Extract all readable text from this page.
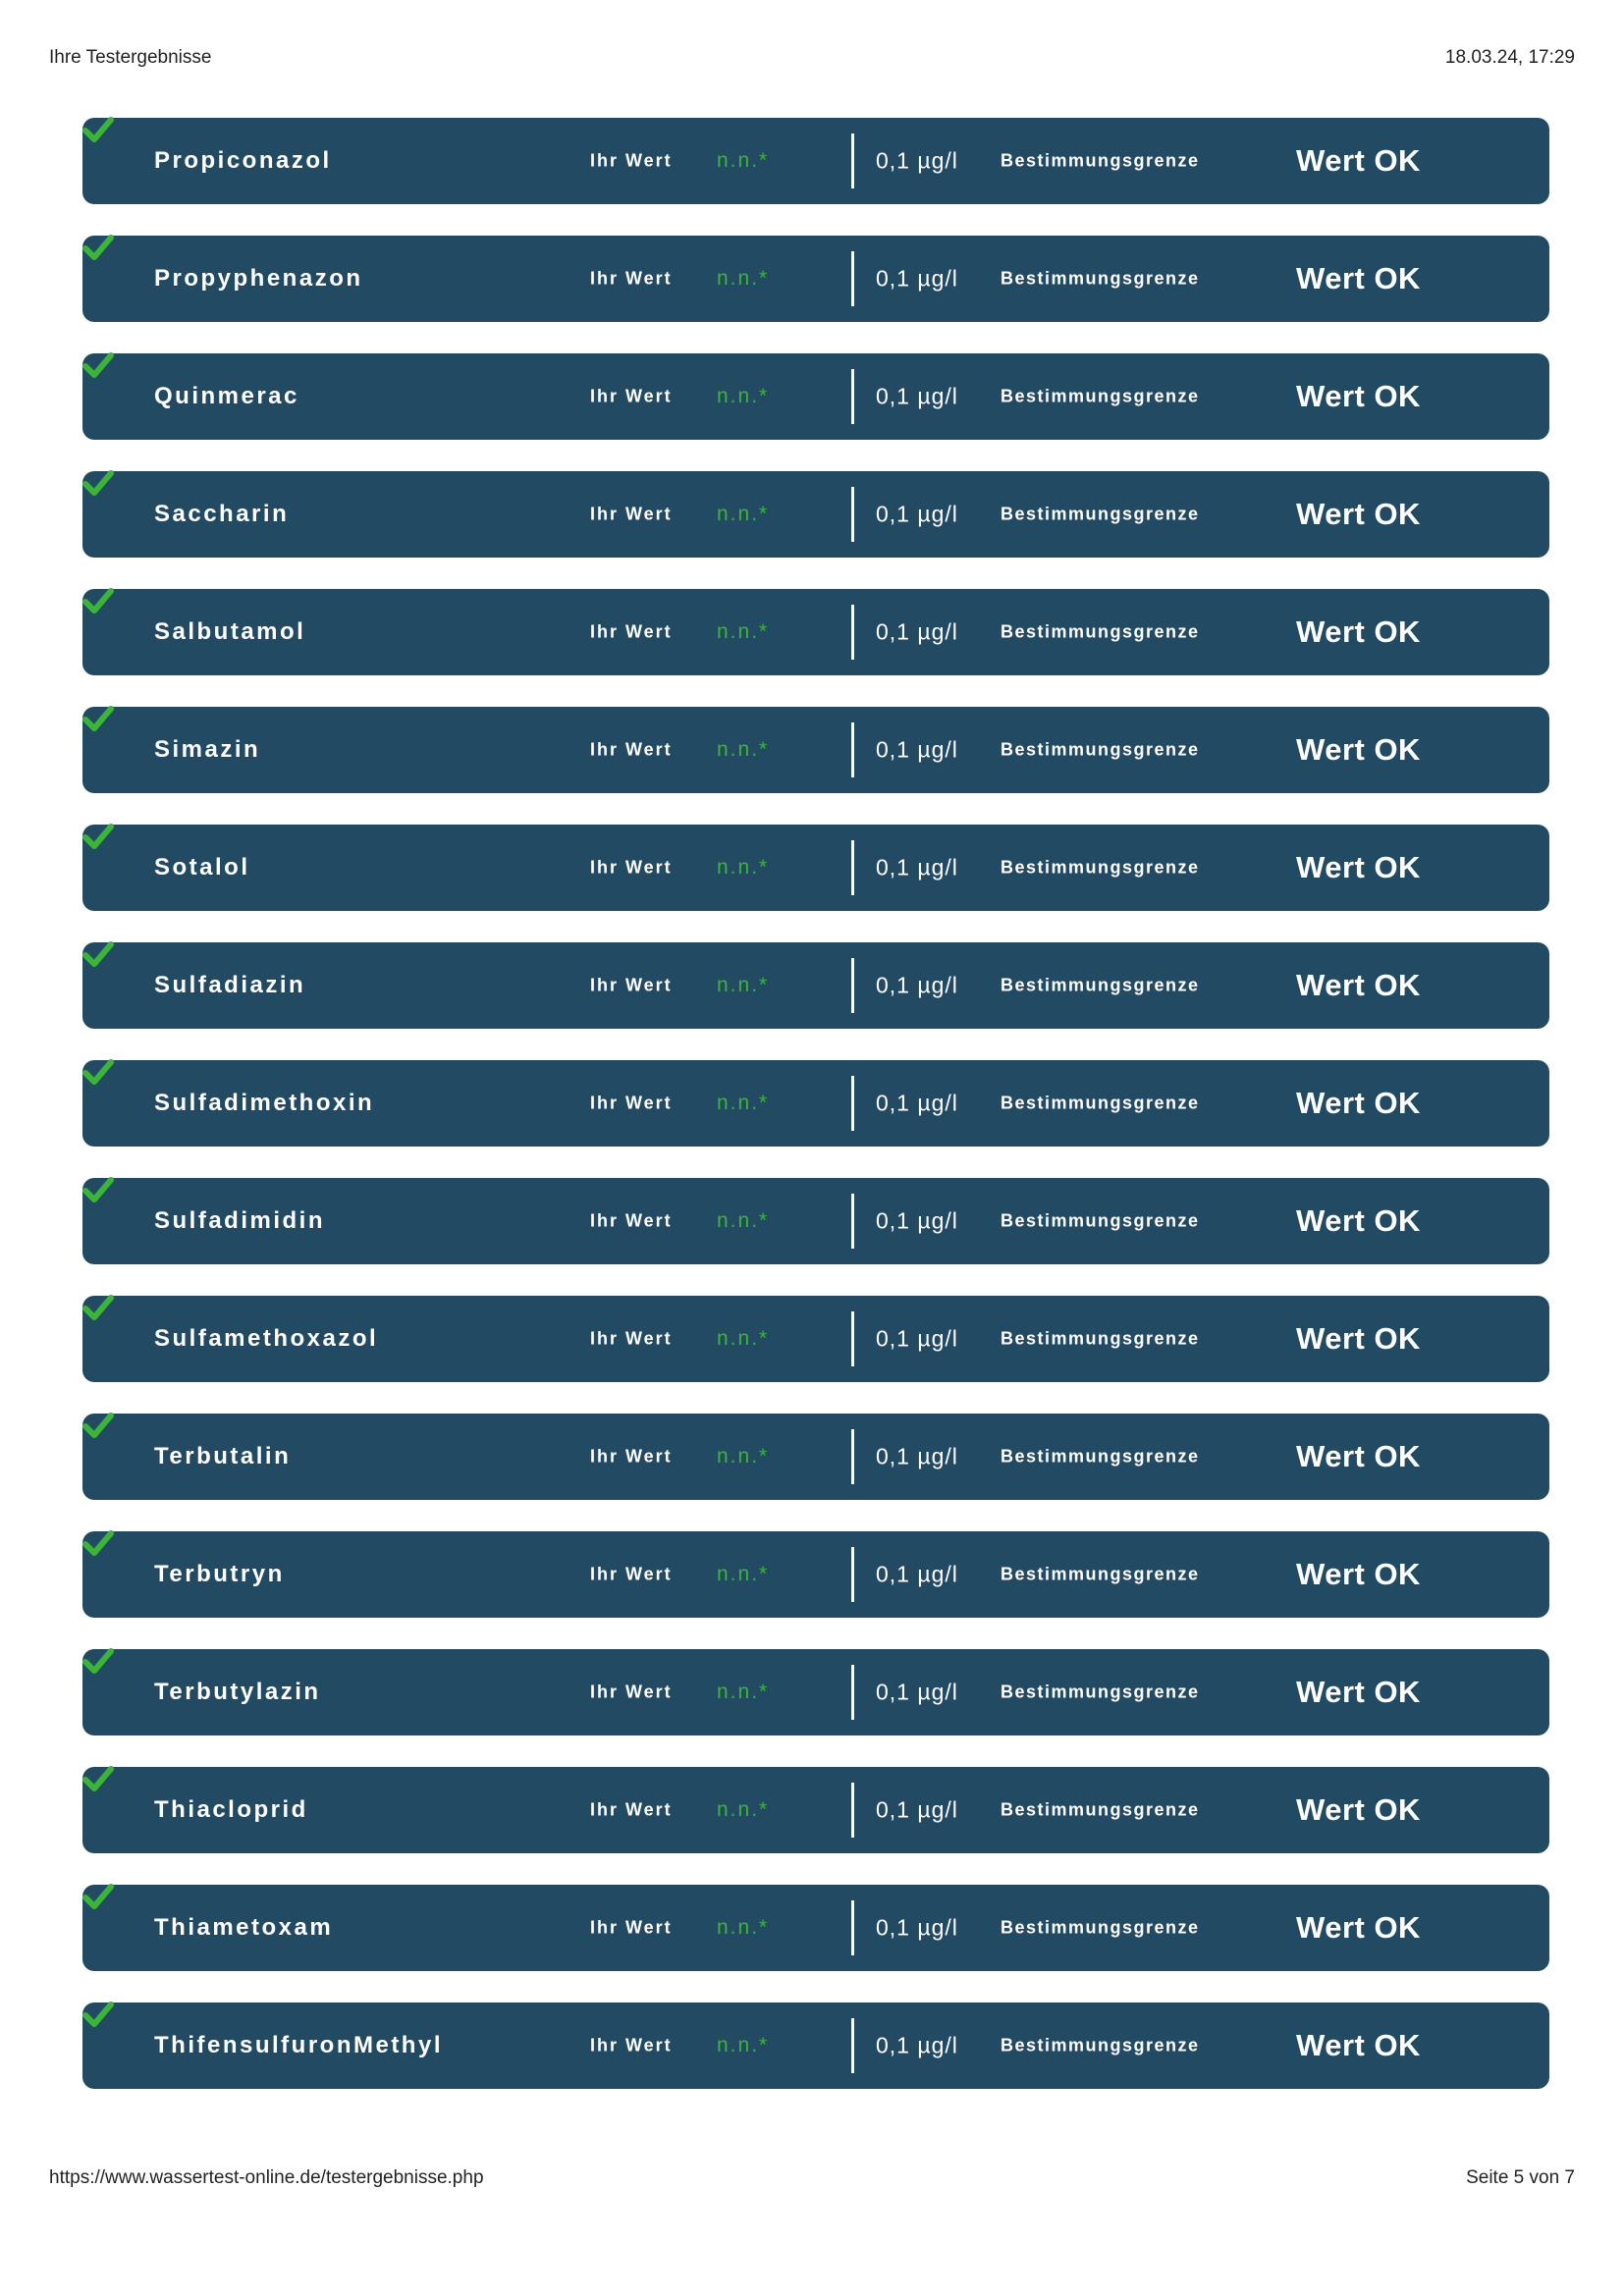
Ihre Testergebnisse	18.03.24, 17:29
Propiconazol	Ihr Wert n.n.*	0,1 µg/l Bestimmungsgrenze	Wert OK
Propyphenazon	Ihr Wert n.n.*	0,1 µg/l Bestimmungsgrenze	Wert OK
Quinmerac	Ihr Wert n.n.*	0,1 µg/l Bestimmungsgrenze	Wert OK
Saccharin	Ihr Wert n.n.*	0,1 µg/l Bestimmungsgrenze	Wert OK
Salbutamol	Ihr Wert n.n.*	0,1 µg/l Bestimmungsgrenze	Wert OK
Simazin	Ihr Wert n.n.*	0,1 µg/l Bestimmungsgrenze	Wert OK
Sotalol	Ihr Wert n.n.*	0,1 µg/l Bestimmungsgrenze	Wert OK
Sulfadiazin	Ihr Wert n.n.*	0,1 µg/l Bestimmungsgrenze	Wert OK
Sulfadimethoxin	Ihr Wert n.n.*	0,1 µg/l Bestimmungsgrenze	Wert OK
Sulfadimidin	Ihr Wert n.n.*	0,1 µg/l Bestimmungsgrenze	Wert OK
Sulfamethoxazol	Ihr Wert n.n.*	0,1 µg/l Bestimmungsgrenze	Wert OK
Terbutalin	Ihr Wert n.n.*	0,1 µg/l Bestimmungsgrenze	Wert OK
Terbutryn	Ihr Wert n.n.*	0,1 µg/l Bestimmungsgrenze	Wert OK
Terbutylazin	Ihr Wert n.n.*	0,1 µg/l Bestimmungsgrenze	Wert OK
Thiacloprid	Ihr Wert n.n.*	0,1 µg/l Bestimmungsgrenze	Wert OK
Thiametoxam	Ihr Wert n.n.*	0,1 µg/l Bestimmungsgrenze	Wert OK
ThifensulfuronMethyl	Ihr Wert n.n.*	0,1 µg/l Bestimmungsgrenze	Wert OK
https://www.wassertest-online.de/testergebnisse.php	Seite 5 von 7
